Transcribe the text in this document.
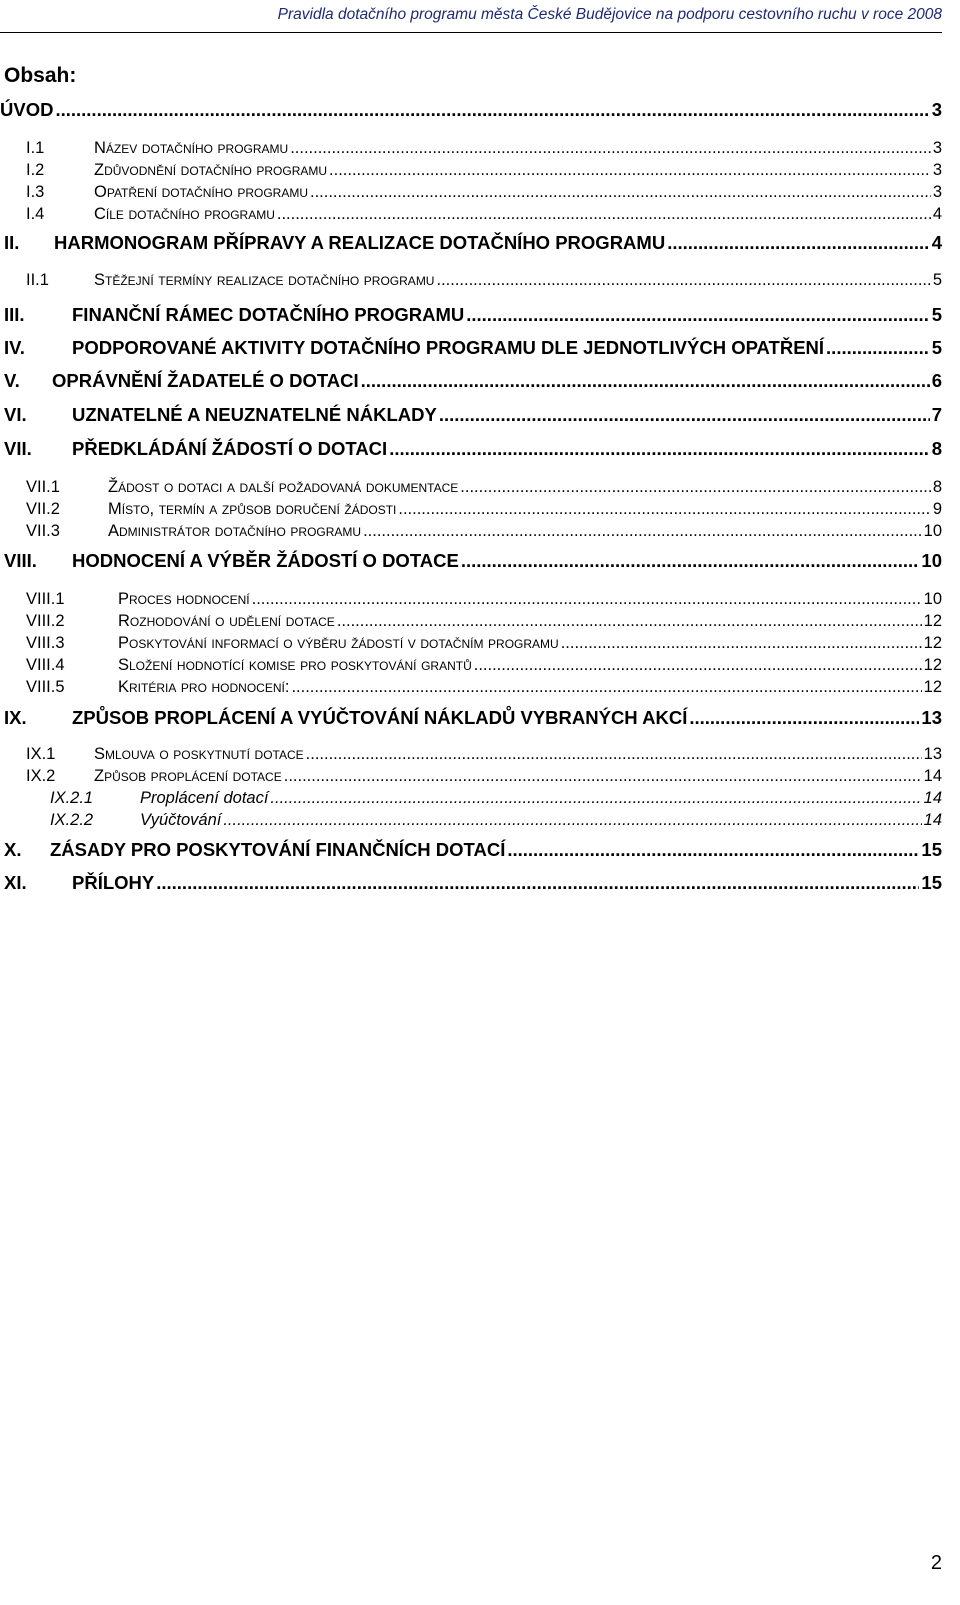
Pravidla dotačního programu města České Budějovice na podporu cestovního ruchu v roce 2008
Obsah:
ÚVOD .....	3
I.1	Název dotačního programu .....	3
I.2	Zdůvodnění dotačního programu .....	3
I.3	Opatření dotačního programu .....	3
I.4	Cíle dotačního programu .....	4
II.	HARMONOGRAM PŘÍPRAVY A REALIZACE DOTAČNÍHO PROGRAMU .....	4
II.1	Stěžejní termíny realizace dotačního programu .....	5
III.	FINANČNÍ RÁMEC DOTAČNÍHO PROGRAMU .....	5
IV.	PODPOROVANÉ AKTIVITY DOTAČNÍHO PROGRAMU DLE JEDNOTLIVÝCH OPATŘENÍ .....	5
V.	OPRÁVNĚNÍ ŽADATELÉ O DOTACI .....	6
VI.	UZNATELNÉ A NEUZNATELNÉ NÁKLADY .....	7
VII.	PŘEDKLÁDÁNÍ ŽÁDOSTÍ O DOTACI .....	8
VII.1	Žádost o dotaci a další požadovaná dokumentace .....	8
VII.2	Místo, termín a způsob doručení žádosti .....	9
VII.3	Administrátor dotačního programu .....	10
VIII.	HODNOCENÍ A VÝBĚR ŽÁDOSTÍ O DOTACE .....	10
VIII.1	Proces hodnocení .....	10
VIII.2	Rozhodování o udělení dotace .....	12
VIII.3	Poskytování informací o výběru žádostí v dotačním programu .....	12
VIII.4	Složení hodnotící komise pro poskytování grantů .....	12
VIII.5	Kritéria pro hodnocení: .....	12
IX.	ZPŮSOB PROPLÁCENÍ A VYÚČTOVÁNÍ NÁKLADŮ VYBRANÝCH AKCÍ .....	13
IX.1	Smlouva o poskytnutí dotace .....	13
IX.2	Způsob proplácení dotace .....	14
IX.2.1	Proplácení dotací .....	14
IX.2.2	Vyúčtování .....	14
X.	ZÁSADY PRO POSKYTOVÁNÍ FINANČNÍCH DOTACÍ .....	15
XI.	PŘÍLOHY .....	15
2
